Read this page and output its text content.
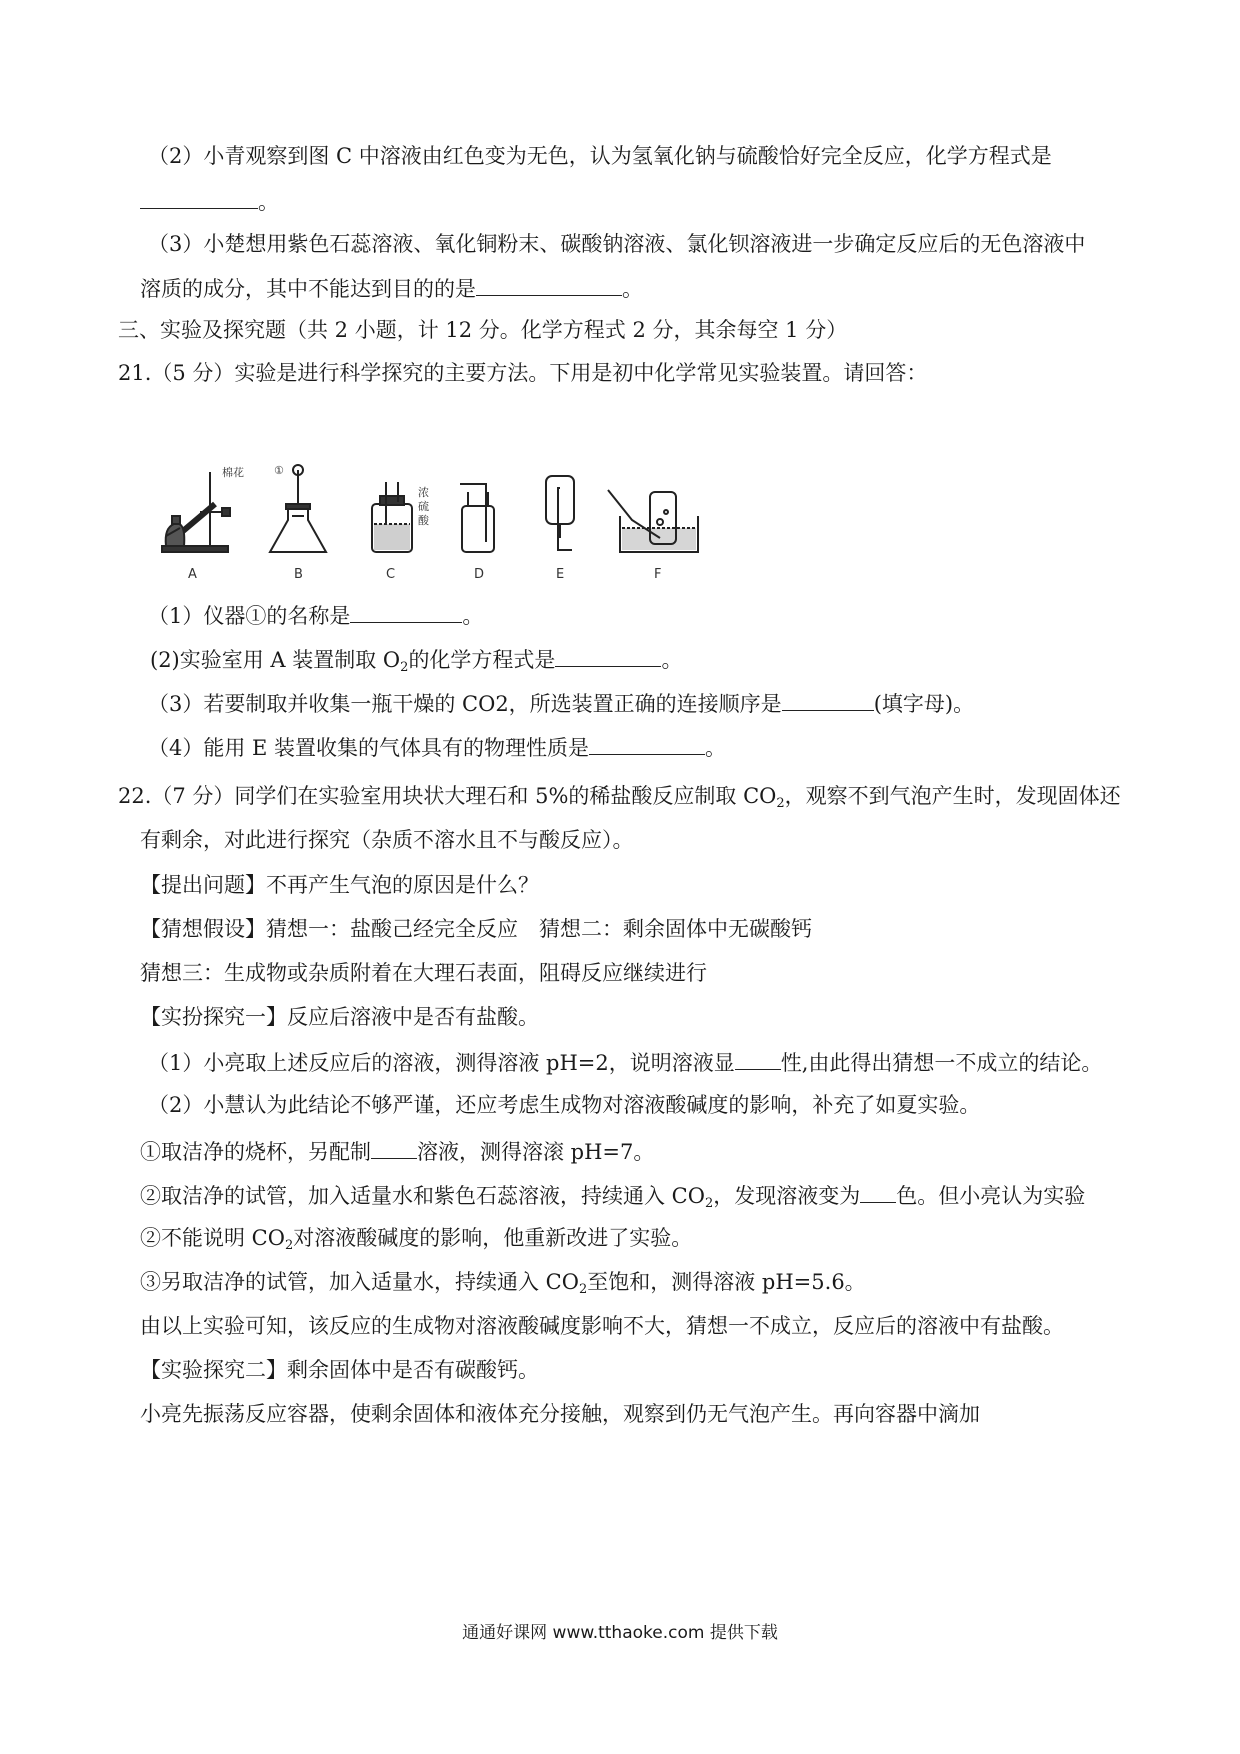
（2）小青观察到图 C 中溶液由红色变为无色，认为氢氧化钠与硫酸恰好完全反应，化学方程式是
。
（3）小楚想用紫色石蕊溶液、氧化铜粉末、碳酸钠溶液、氯化钡溶液进一步确定反应后的无色溶液中
溶质的成分，其中不能达到目的的是	。
三、实验及探究题（共 2 小题，计 12 分。化学方程式 2 分，其余每空 1 分）
21.（5 分）实验是进行科学探究的主要方法。下用是初中化学常见实验装置。请回答：
棉花	①
浓
硫
酸
A	B	C	D	E	F
（1）仪器①的名称是	。
(2)实验室用 A 装置制取 $O_2$的化学方程式是	。
（3）若要制取并收集一瓶干燥的 CO2，所选装置正确的连接顺序是	(填字母)。
（4）能用 E 装置收集的气体具有的物理性质是	。
22.（7 分）同学们在实验室用块状大理石和 5%的稀盐酸反应制取 $CO_2$，观察不到气泡产生时，发现固体还
有剩余，对此进行探究（杂质不溶水且不与酸反应）。
【提出问题】不再产生气泡的原因是什么？
【猜想假设】猜想一：盐酸己经完全反应　猜想二：剩余固体中无碳酸钙
猜想三：生成物或杂质附着在大理石表面，阻碍反应继续进行
【实扮探究一】反应后溶液中是否有盐酸。
（1）小亮取上述反应后的溶液，测得溶液 pH=2，说明溶液显 性,由此得出猜想一不成立的结论。
（2）小慧认为此结论不够严谨，还应考虑生成物对溶液酸碱度的影响，补充了如夏实验。
①取洁净的烧杯，另配制 溶液，测得溶滚 pH=7。
②取洁净的试管，加入适量水和紫色石蕊溶液，持续通入 $CO_2$，发现溶液变为 色。但小亮认为实验
②不能说明 $CO_2$对溶液酸碱度的影响，他重新改进了实验。
③另取洁净的试管，加入适量水，持续通入 $CO_2$至饱和，测得溶液 pH=5.6。
由以上实验可知，该反应的生成物对溶液酸碱度影响不大，猜想一不成立，反应后的溶液中有盐酸。
【实验探究二】剩余固体中是否有碳酸钙。
小亮先振荡反应容器，使剩余固体和液体充分接触，观察到仍无气泡产生。再向容器中滴加
通通好课网 www.tthaoke.com 提供下载
